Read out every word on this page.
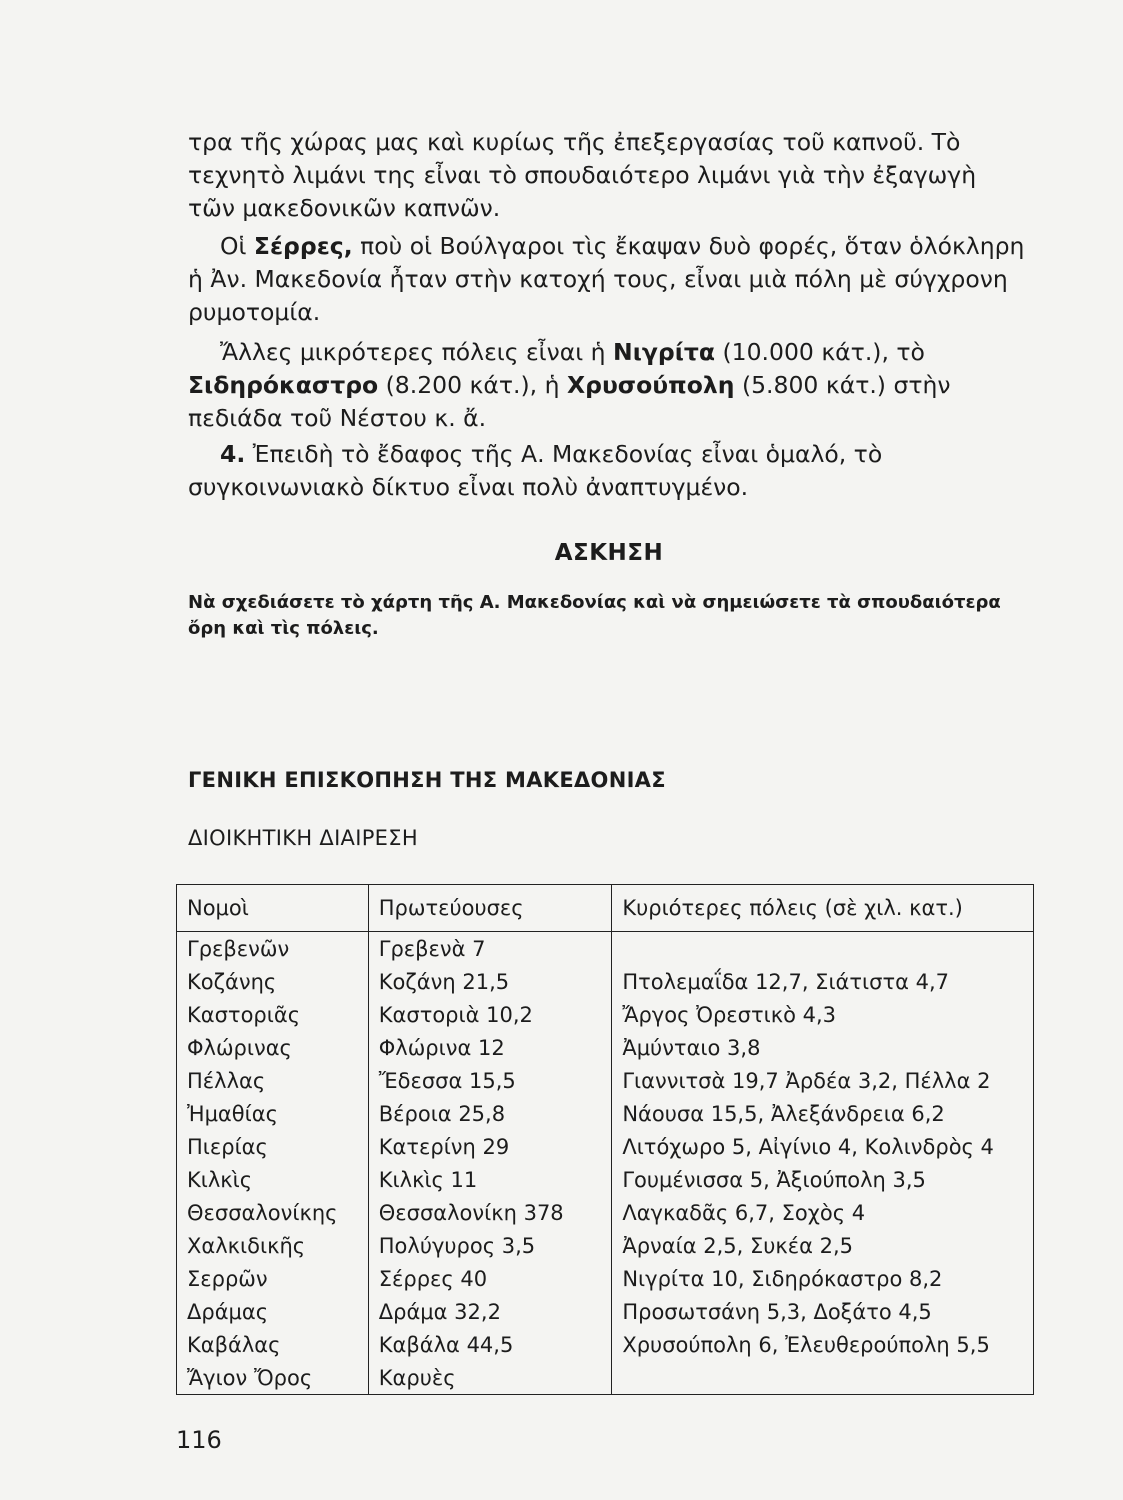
τρα τῆς χώρας μας καὶ κυρίως τῆς ἐπεξεργασίας τοῦ καπνοῦ. Τὸ τεχνητὸ λιμάνι της εἶναι τὸ σπουδαιότερο λιμάνι γιὰ τὴν ἐξαγωγὴ τῶν μακεδονικῶν καπνῶν.

Οἱ Σέρρες, ποὺ οἱ Βούλγαροι τὶς ἔκαψαν δυὸ φορές, ὅταν ὁλόκληρη ἡ Ἀν. Μακεδονία ἦταν στὴν κατοχή τους, εἶναι μιὰ πόλη μὲ σύγχρονη ρυμοτομία.

Ἄλλες μικρότερες πόλεις εἶναι ἡ Νιγρίτα (10.000 κάτ.), τὸ Σιδηρόκαστρο (8.200 κάτ.), ἡ Χρυσούπολη (5.800 κάτ.) στὴν πεδιάδα τοῦ Νέστου κ. ἄ.

4. Ἐπειδὴ τὸ ἔδαφος τῆς Α. Μακεδονίας εἶναι ὁμαλό, τὸ συγκοινωνιακὸ δίκτυο εἶναι πολὺ ἀναπτυγμένο.

ΑΣΚΗΣΗ
Νὰ σχεδιάσετε τὸ χάρτη τῆς Α. Μακεδονίας καὶ νὰ σημειώσετε τὰ σπουδαιότερα ὄρη καὶ τὶς πόλεις.
ΓΕΝΙΚΗ ΕΠΙΣΚΟΠΗΣΗ ΤΗΣ ΜΑΚΕΔΟΝΙΑΣ
ΔΙΟΙΚΗΤΙΚΗ ΔΙΑΙΡΕΣΗ
Νομοὶ	Πρωτεύουσες	Κυριότερες πόλεις (σὲ χιλ. κατ.)
Γρεβενῶν	Γρεβενὰ 7	
Κοζάνης	Κοζάνη 21,5	Πτολεμαΐδα 12,7, Σιάτιστα 4,7
Καστοριᾶς	Καστοριὰ 10,2	Ἄργος Ὀρεστικὸ 4,3
Φλώρινας	Φλώρινα 12	Ἀμύνταιο 3,8
Πέλλας	Ἔδεσσα 15,5	Γιαννιτσὰ 19,7 Ἀρδέα 3,2, Πέλλα 2
Ἠμαθίας	Βέροια 25,8	Νάουσα 15,5, Ἀλεξάνδρεια 6,2
Πιερίας	Κατερίνη 29	Λιτόχωρο 5, Αἰγίνιο 4, Κολινδρὸς 4
Κιλκὶς	Κιλκὶς 11	Γουμένισσα 5, Ἀξιούπολη 3,5
Θεσσαλονίκης	Θεσσαλονίκη 378	Λαγκαδᾶς 6,7, Σοχὸς 4
Χαλκιδικῆς	Πολύγυρος 3,5	Ἀρναία 2,5, Συκέα 2,5
Σερρῶν	Σέρρες 40	Νιγρίτα 10, Σιδηρόκαστρο 8,2
Δράμας	Δράμα 32,2	Προσωτσάνη 5,3, Δοξάτο 4,5
Καβάλας	Καβάλα 44,5	Χρυσούπολη 6, Ἐλευθερούπολη 5,5
Ἄγιον Ὄρος	Καρυὲς	
116
